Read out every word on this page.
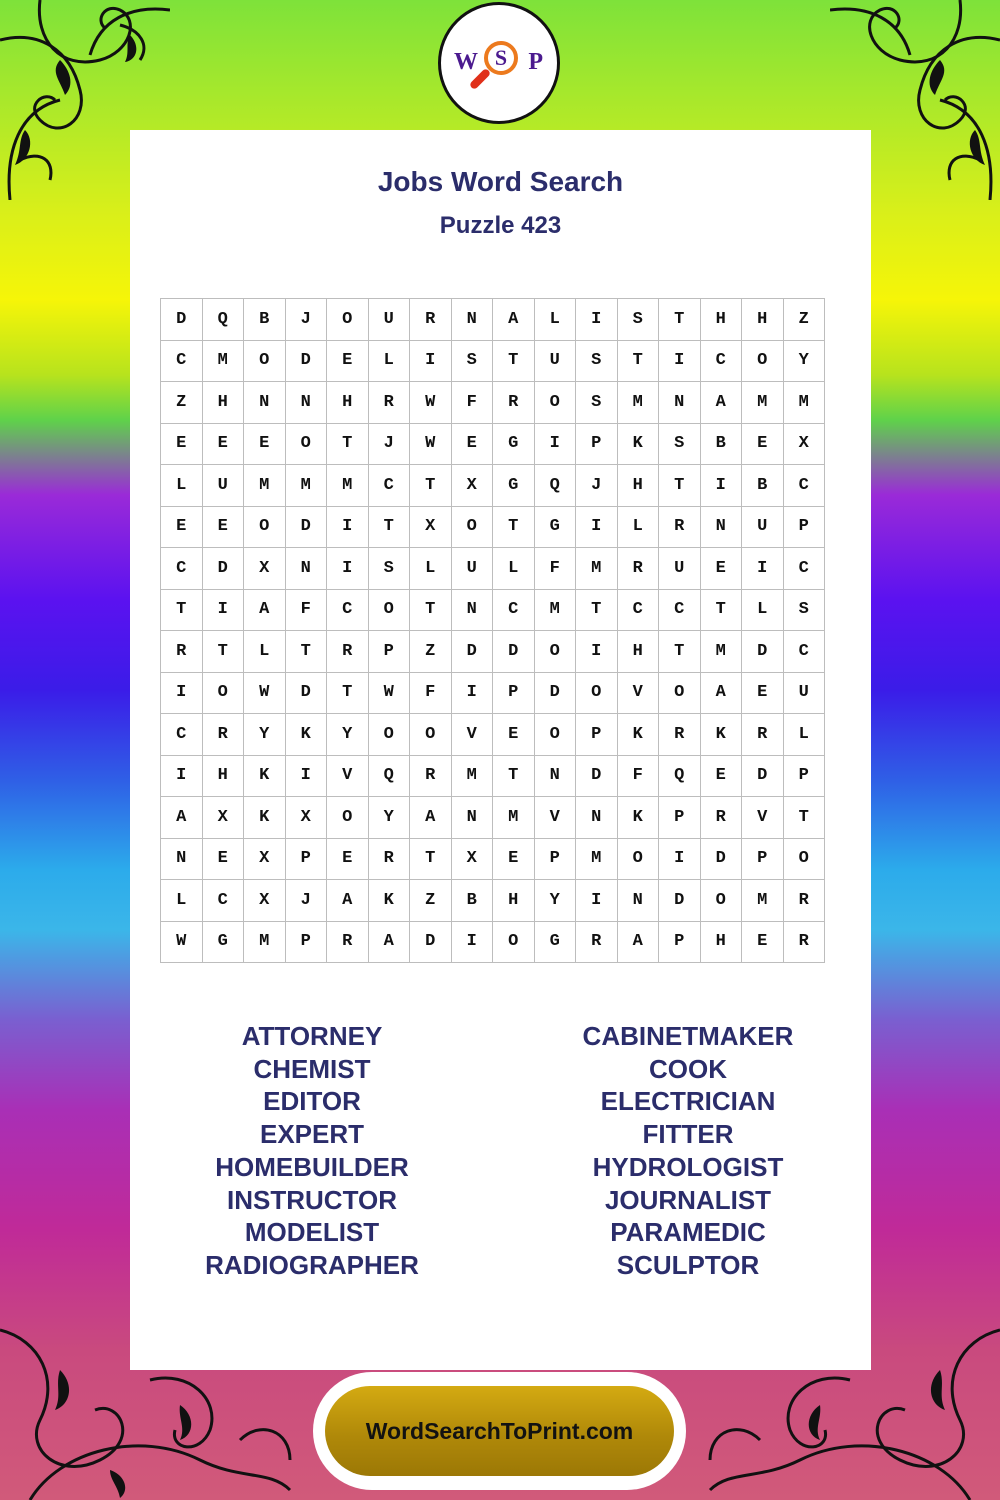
W S P
Jobs Word Search
Puzzle 423
D	Q	B	J	O	U	R	N	A	L	I	S	T	H	H	Z
C	M	O	D	E	L	I	S	T	U	S	T	I	C	O	Y
Z	H	N	N	H	R	W	F	R	O	S	M	N	A	M	M
E	E	E	O	T	J	W	E	G	I	P	K	S	B	E	X
L	U	M	M	M	C	T	X	G	Q	J	H	T	I	B	C
E	E	O	D	I	T	X	O	T	G	I	L	R	N	U	P
C	D	X	N	I	S	L	U	L	F	M	R	U	E	I	C
T	I	A	F	C	O	T	N	C	M	T	C	C	T	L	S
R	T	L	T	R	P	Z	D	D	O	I	H	T	M	D	C
I	O	W	D	T	W	F	I	P	D	O	V	O	A	E	U
C	R	Y	K	Y	O	O	V	E	O	P	K	R	K	R	L
I	H	K	I	V	Q	R	M	T	N	D	F	Q	E	D	P
A	X	K	X	O	Y	A	N	M	V	N	K	P	R	V	T
N	E	X	P	E	R	T	X	E	P	M	O	I	D	P	O
L	C	X	J	A	K	Z	B	H	Y	I	N	D	O	M	R
W	G	M	P	R	A	D	I	O	G	R	A	P	H	E	R
ATTORNEY
CHEMIST
EDITOR
EXPERT
HOMEBUILDER
INSTRUCTOR
MODELIST
RADIOGRAPHER
CABINETMAKER
COOK
ELECTRICIAN
FITTER
HYDROLOGIST
JOURNALIST
PARAMEDIC
SCULPTOR
WordSearchToPrint.com
